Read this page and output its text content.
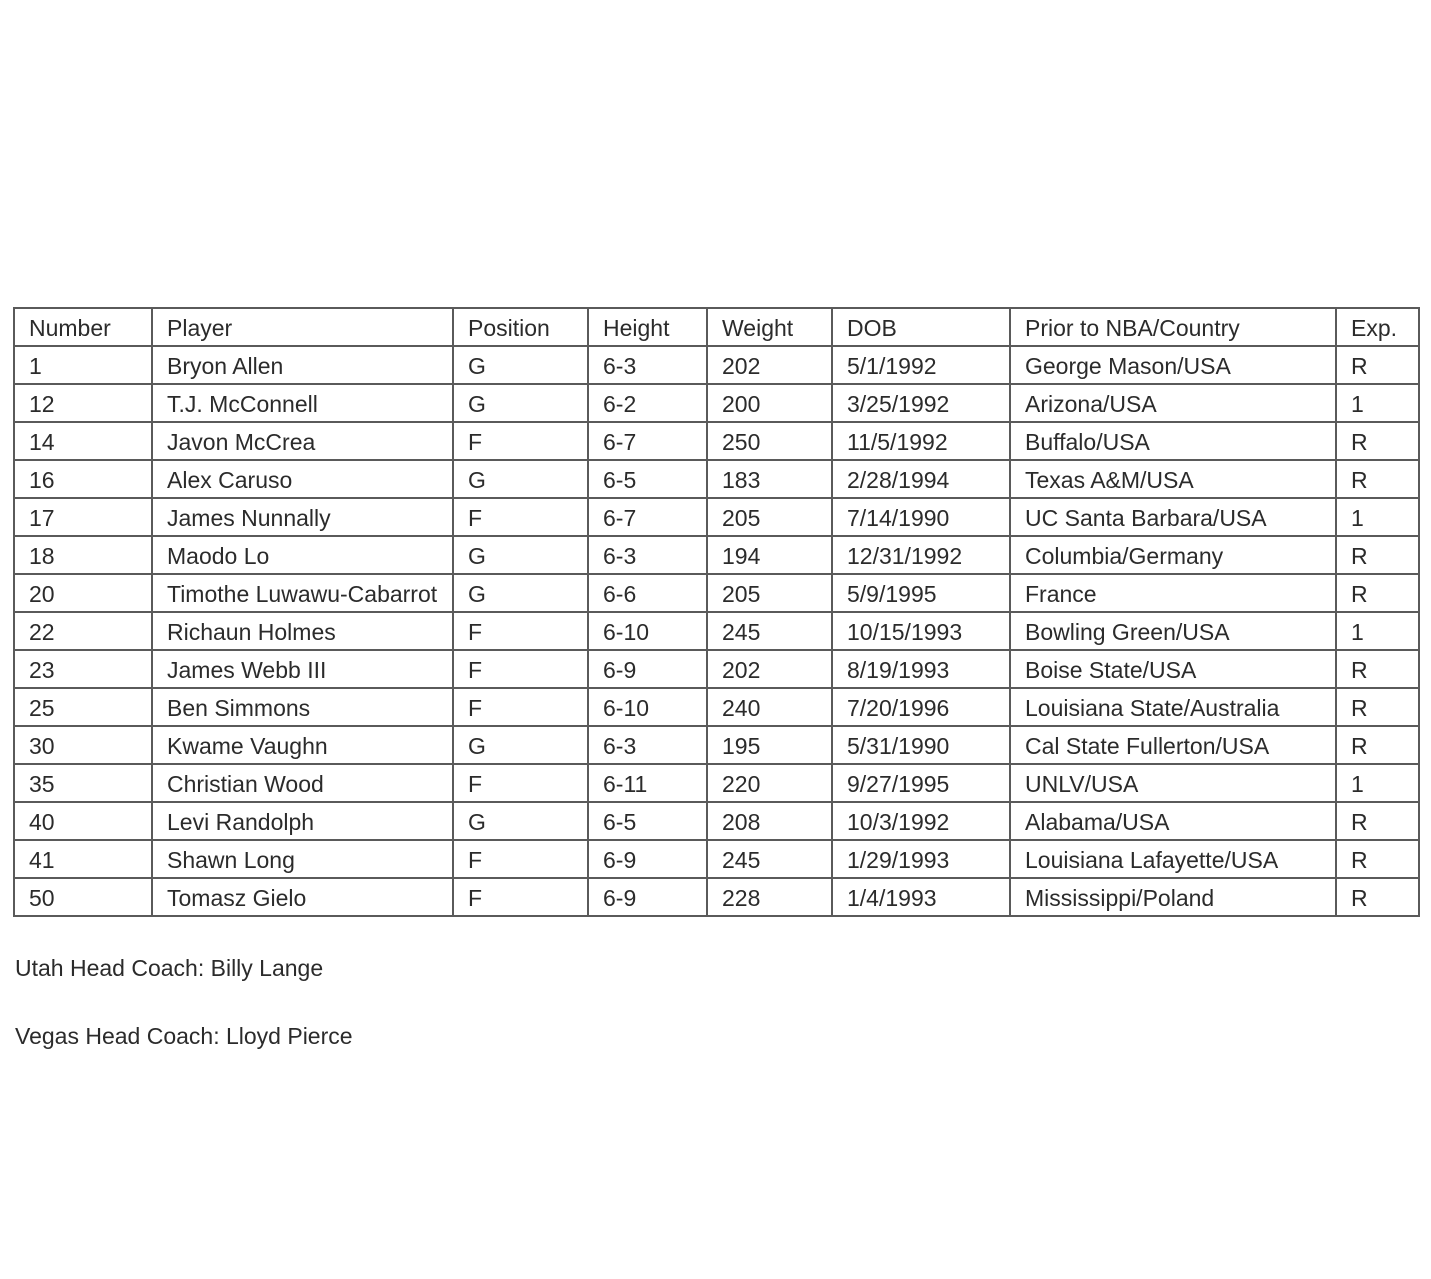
Number	Player	Position	Height	Weight	DOB	Prior to NBA/Country	Exp.
1	Bryon Allen	G	6-3	202	5/1/1992	George Mason/USA	R
12	T.J. McConnell	G	6-2	200	3/25/1992	Arizona/USA	1
14	Javon McCrea	F	6-7	250	11/5/1992	Buffalo/USA	R
16	Alex Caruso	G	6-5	183	2/28/1994	Texas A&M/USA	R
17	James Nunnally	F	6-7	205	7/14/1990	UC Santa Barbara/USA	1
18	Maodo Lo	G	6-3	194	12/31/1992	Columbia/Germany	R
20	Timothe Luwawu-Cabarrot	G	6-6	205	5/9/1995	France	R
22	Richaun Holmes	F	6-10	245	10/15/1993	Bowling Green/USA	1
23	James Webb III	F	6-9	202	8/19/1993	Boise State/USA	R
25	Ben Simmons	F	6-10	240	7/20/1996	Louisiana State/Australia	R
30	Kwame Vaughn	G	6-3	195	5/31/1990	Cal State Fullerton/USA	R
35	Christian Wood	F	6-11	220	9/27/1995	UNLV/USA	1
40	Levi Randolph	G	6-5	208	10/3/1992	Alabama/USA	R
41	Shawn Long	F	6-9	245	1/29/1993	Louisiana Lafayette/USA	R
50	Tomasz Gielo	F	6-9	228	1/4/1993	Mississippi/Poland	R

Utah Head Coach: Billy Lange

Vegas Head Coach: Lloyd Pierce
